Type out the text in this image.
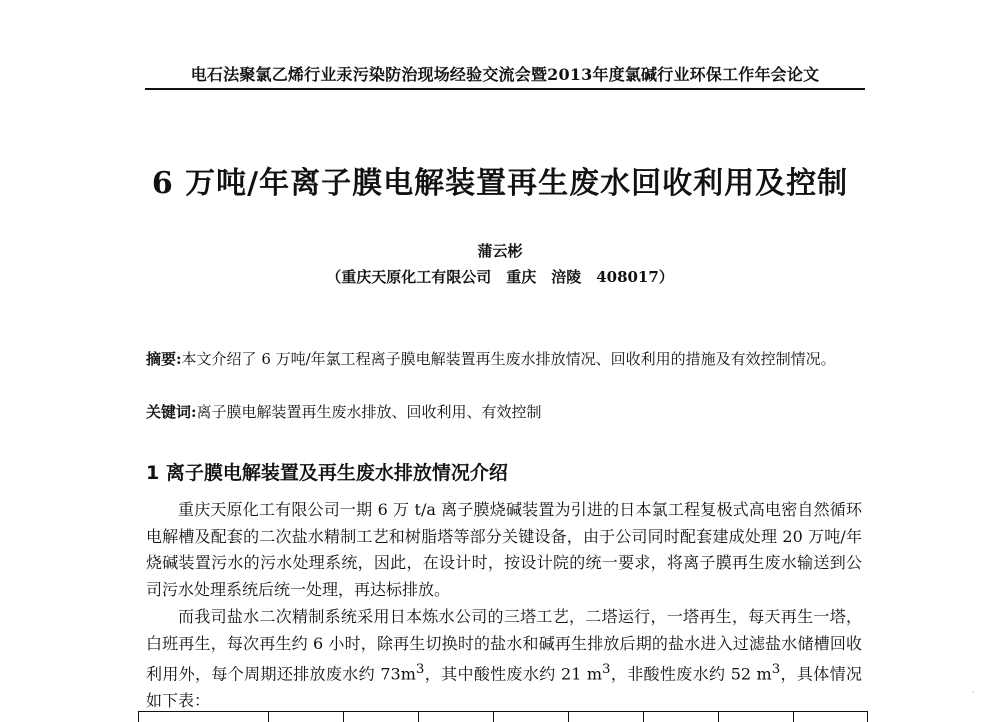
电石法聚氯乙烯行业汞污染防治现场经验交流会暨2013年度氯碱行业环保工作年会论文
6 万吨/年离子膜电解装置再生废水回收利用及控制
蒲云彬
（重庆天原化工有限公司　重庆　涪陵　408017）
摘要:本文介绍了 6 万吨/年氯工程离子膜电解装置再生废水排放情况、回收利用的措施及有效控制情况。
关键词:离子膜电解装置再生废水排放、回收利用、有效控制
1 离子膜电解装置及再生废水排放情况介绍

重庆天原化工有限公司一期 6 万 t/a 离子膜烧碱装置为引进的日本氯工程复极式高电密自然循环电解槽及配套的二次盐水精制工艺和树脂塔等部分关键设备，由于公司同时配套建成处理 20 万吨/年烧碱装置污水的污水处理系统，因此，在设计时，按设计院的统一要求，将离子膜再生废水输送到公司污水处理系统后统一处理，再达标排放。

而我司盐水二次精制系统采用日本炼水公司的三塔工艺，二塔运行，一塔再生，每天再生一塔，白班再生，每次再生约 6 小时，除再生切换时的盐水和碱再生排放后期的盐水进入过滤盐水储槽回收利用外，每个周期还排放废水约 $73m^3$，其中酸性废水约 21 $m^3$，非酸性废水约 52 $m^3$，具体情况如下表：	·
